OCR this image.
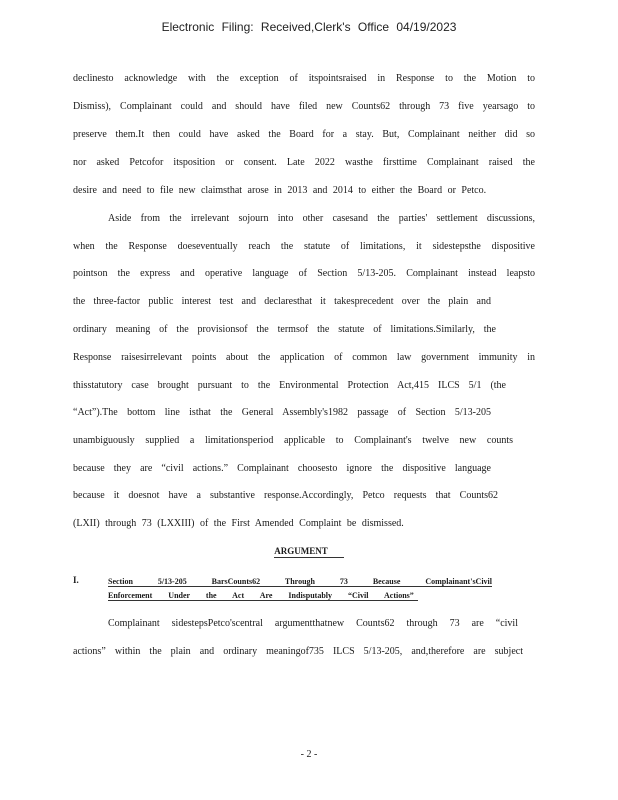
Electronic Filing: Received,Clerk's Office 04/19/2023
declinesto acknowledge with the exception of itspointsraised in Response to the Motion to
Dismiss), Complainant could and should have filed new Counts62 through 73 five yearsago to
preserve them.It then could have asked the Board for a stay. But, Complainant neither did so
nor asked Petcofor itsposition or consent. Late 2022 wasthe firsttime Complainant raised the
desire and need to file new claimsthat arose in 2013 and 2014 to either the Board or Petco.
Aside from the irrelevant sojourn into other casesand the parties' settlement discussions,
when the Response doeseventually reach the statute of limitations, it sidestepsthe dispositive
pointson the express and operative language of Section 5/13-205. Complainant instead leapsto
the three-factor public interest test and declaresthat it takesprecedent over the plain and
ordinary meaning of the provisionsof the termsof the statute of limitations.Similarly, the
Response raisesirrelevant points about the application of common law government immunity in
thisstatutory case brought pursuant to the Environmental Protection Act,415 ILCS 5/1 (the
“Act”).The bottom line isthat the General Assembly's1982 passage of Section 5/13-205
unambiguously supplied a limitationsperiod applicable to Complainant's twelve new counts
because they are “civil actions.” Complainant choosesto ignore the dispositive language
because it doesnot have a substantive response.Accordingly, Petco requests that Counts62
(LXII) through 73 (LXXIII) of the First Amended Complaint be dismissed.
Complainant sidestepsPetco'scentral argumentthatnew Counts62 through 73 are “civil
actions” within the plain and ordinary meaningof735 ILCS 5/13-205, and,therefore are subject
ARGUMENT
I.	Section 5/13-205 BarsCounts62 Through 73 Because Complainant'sCivil
Enforcement Under the Act Are Indisputably “Civil Actions”
- 2 -
